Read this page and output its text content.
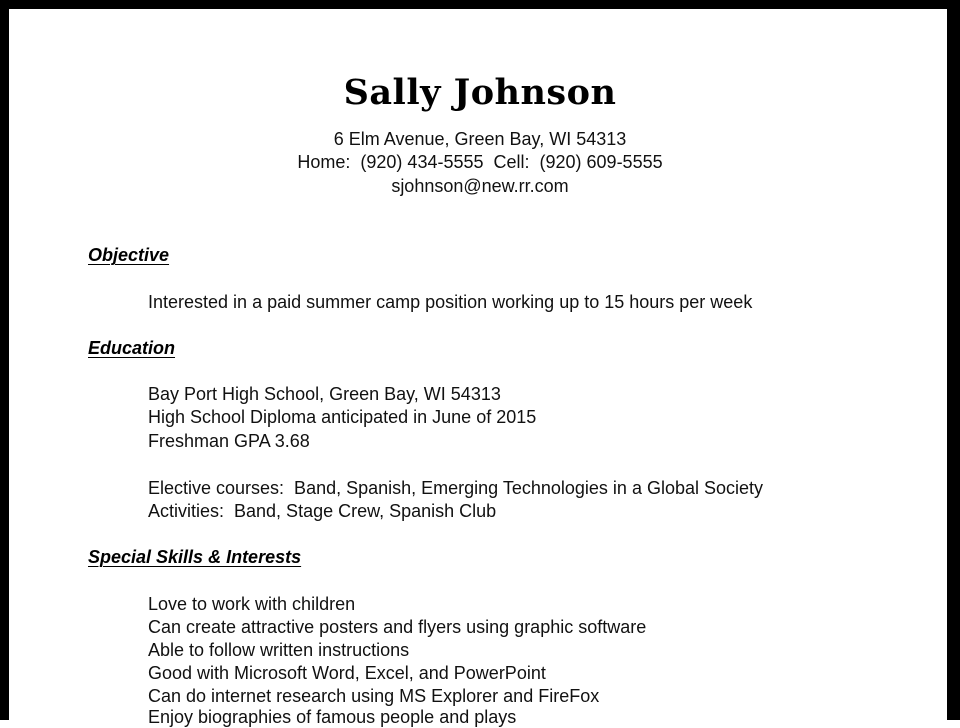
Sally Johnson
6 Elm Avenue, Green Bay, WI 54313
Home:  (920) 434-5555  Cell:  (920) 609-5555
sjohnson@new.rr.com
Objective
Interested in a paid summer camp position working up to 15 hours per week
Education
Bay Port High School, Green Bay, WI 54313
High School Diploma anticipated in June of 2015
Freshman GPA 3.68
Elective courses:  Band, Spanish, Emerging Technologies in a Global Society
Activities:  Band, Stage Crew, Spanish Club
Special Skills & Interests
Love to work with children
Can create attractive posters and flyers using graphic software
Able to follow written instructions
Good with Microsoft Word, Excel, and PowerPoint
Can do internet research using MS Explorer and FireFox
Enjoy biographies of famous people and plays
